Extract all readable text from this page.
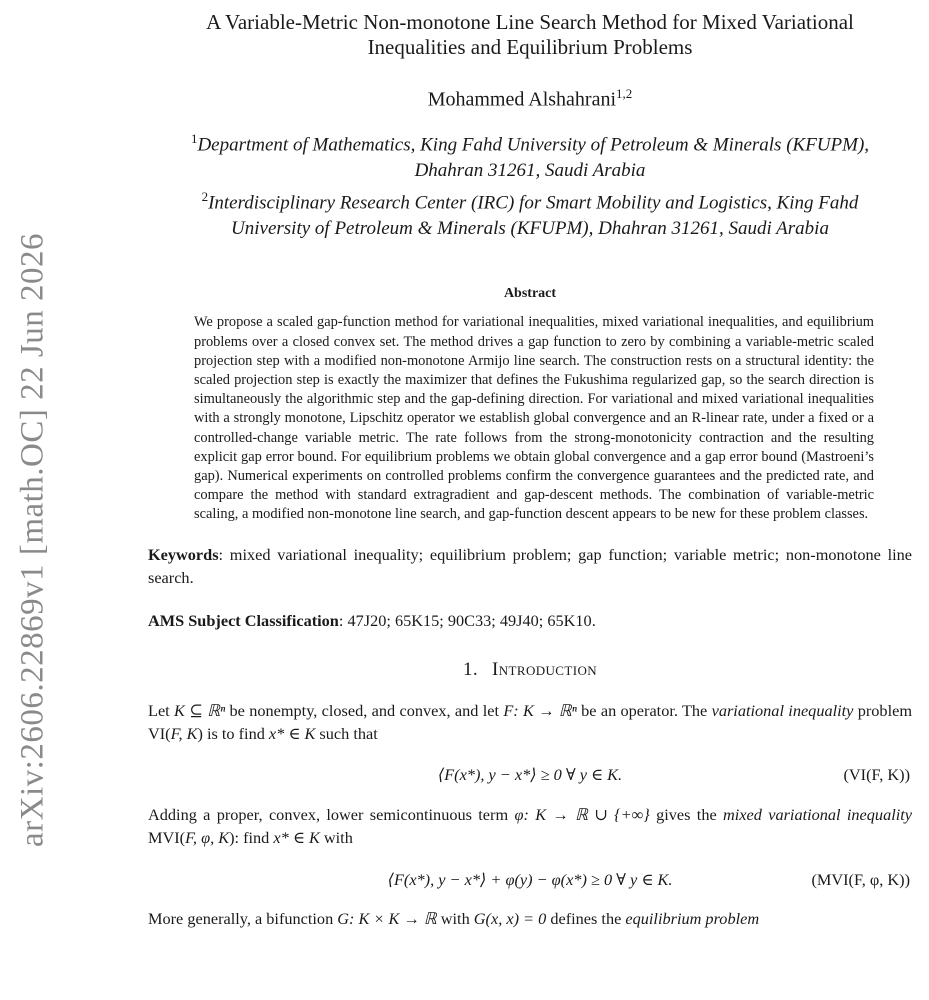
arXiv:2606.22869v1 [math.OC] 22 Jun 2026
A Variable-Metric Non-monotone Line Search Method for Mixed Variational
Inequalities and Equilibrium Problems
Mohammed Alshahrani$^{1,2}$
$^1$Department of Mathematics, King Fahd University of Petroleum & Minerals (KFUPM),
Dhahran 31261, Saudi Arabia
$^2$Interdisciplinary Research Center (IRC) for Smart Mobility and Logistics, King Fahd
University of Petroleum & Minerals (KFUPM), Dhahran 31261, Saudi Arabia
Abstract
We propose a scaled gap-function method for variational inequalities, mixed variational inequalities, and equilibrium problems over a closed convex set. The method drives a gap function to zero by combining a variable-metric scaled projection step with a modified non-monotone Armijo line search. The construction rests on a structural identity: the scaled projection step is exactly the maximizer that defines the Fukushima regularized gap, so the search direction is simultaneously the algorithmic step and the gap-defining direction. For variational and mixed variational inequalities with a strongly monotone, Lipschitz operator we establish global convergence and an R-linear rate, under a fixed or a controlled-change variable metric. The rate follows from the strong-monotonicity contraction and the resulting explicit gap error bound. For equilibrium problems we obtain global convergence and a gap error bound (Mastroeni’s gap). Numerical experiments on controlled problems confirm the convergence guarantees and the predicted rate, and compare the method with standard extragradient and gap-descent methods. The combination of variable-metric scaling, a modified non-monotone line search, and gap-function descent appears to be new for these problem classes.
Keywords: mixed variational inequality; equilibrium problem; gap function; variable metric; non-monotone line search.
AMS Subject Classification: 47J20; 65K15; 90C33; 49J40; 65K10.
1. Introduction
Let K ⊆ ℝⁿ be nonempty, closed, and convex, and let F: K → ℝⁿ be an operator. The variational inequality problem VI(F, K) is to find x* ∈ K such that
⟨F(x*), y − x*⟩ ≥ 0 ∀ y ∈ K.	(VI(F, K))
Adding a proper, convex, lower semicontinuous term φ: K → ℝ ∪ {+∞} gives the mixed variational inequality MVI(F, φ, K): find x* ∈ K with
⟨F(x*), y − x*⟩ + φ(y) − φ(x*) ≥ 0 ∀ y ∈ K.	(MVI(F, φ, K))
More generally, a bifunction G: K × K → ℝ with G(x, x) = 0 defines the equilibrium problem
